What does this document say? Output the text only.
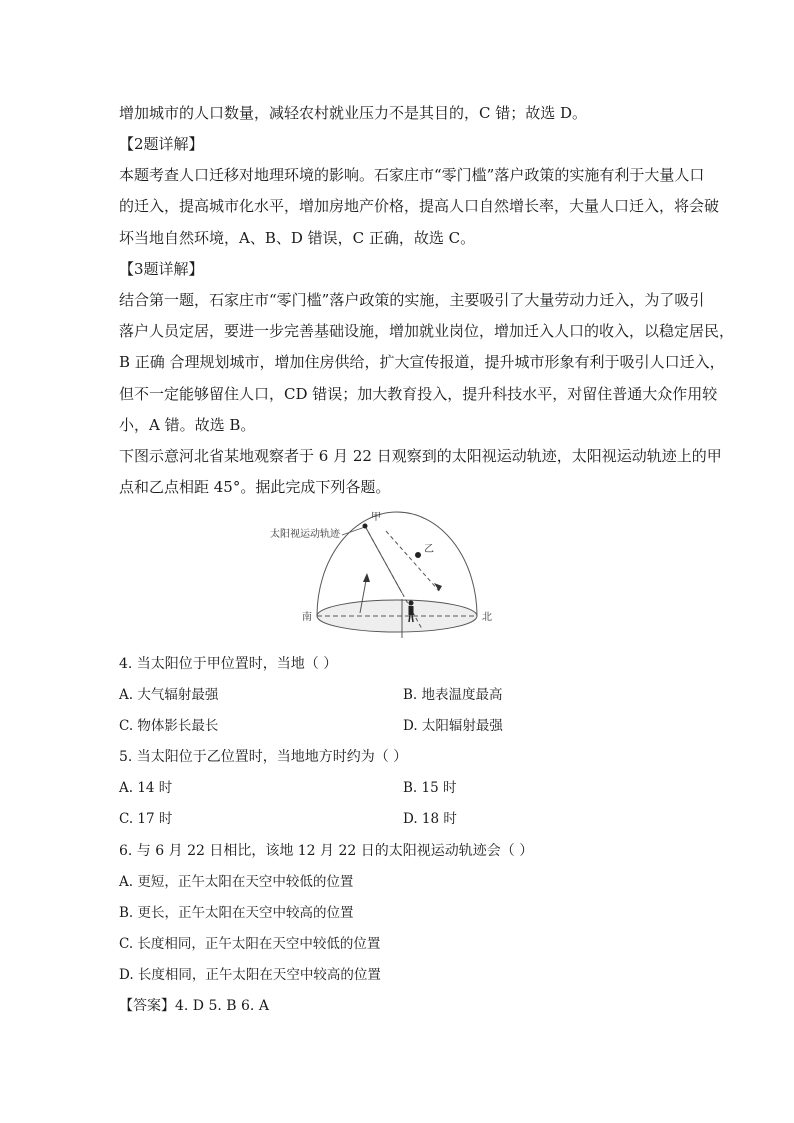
增加城市的人口数量，减轻农村就业压力不是其目的，C 错；故选 D。
【2题详解】
本题考查人口迁移对地理环境的影响。石家庄市“零门槛”落户政策的实施有利于大量人口
的迁入，提高城市化水平，增加房地产价格，提高人口自然增长率，大量人口迁入，将会破
坏当地自然环境，A、B、D 错误，C 正确，故选 C。
【3题详解】
结合第一题，石家庄市“零门槛”落户政策的实施，主要吸引了大量劳动力迁入，为了吸引
落户人员定居，要进一步完善基础设施，增加就业岗位，增加迁入人口的收入，以稳定居民，
B 正确 合理规划城市，增加住房供给，扩大宣传报道，提升城市形象有利于吸引人口迁入，
但不一定能够留住人口，CD 错误；加大教育投入，提升科技水平，对留住普通大众作用较
小，A 错。故选 B。
下图示意河北省某地观察者于 6 月 22 日观察到的太阳视运动轨迹，太阳视运动轨迹上的甲
点和乙点相距 45°。据此完成下列各题。
太阳视运动轨迹
甲
乙
南	北
4. 当太阳位于甲位置时，当地（ ）
A. 大气辐射最强	B. 地表温度最高
C. 物体影长最长	D. 太阳辐射最强
5. 当太阳位于乙位置时，当地地方时约为（ ）
A. 14 时	B. 15 时
C. 17 时	D. 18 时
6. 与 6 月 22 日相比，该地 12 月 22 日的太阳视运动轨迹会（ ）
A. 更短，正午太阳在天空中较低的位置
B. 更长，正午太阳在天空中较高的位置
C. 长度相同，正午太阳在天空中较低的位置
D. 长度相同，正午太阳在天空中较高的位置
【答案】4. D 5. B 6. A
